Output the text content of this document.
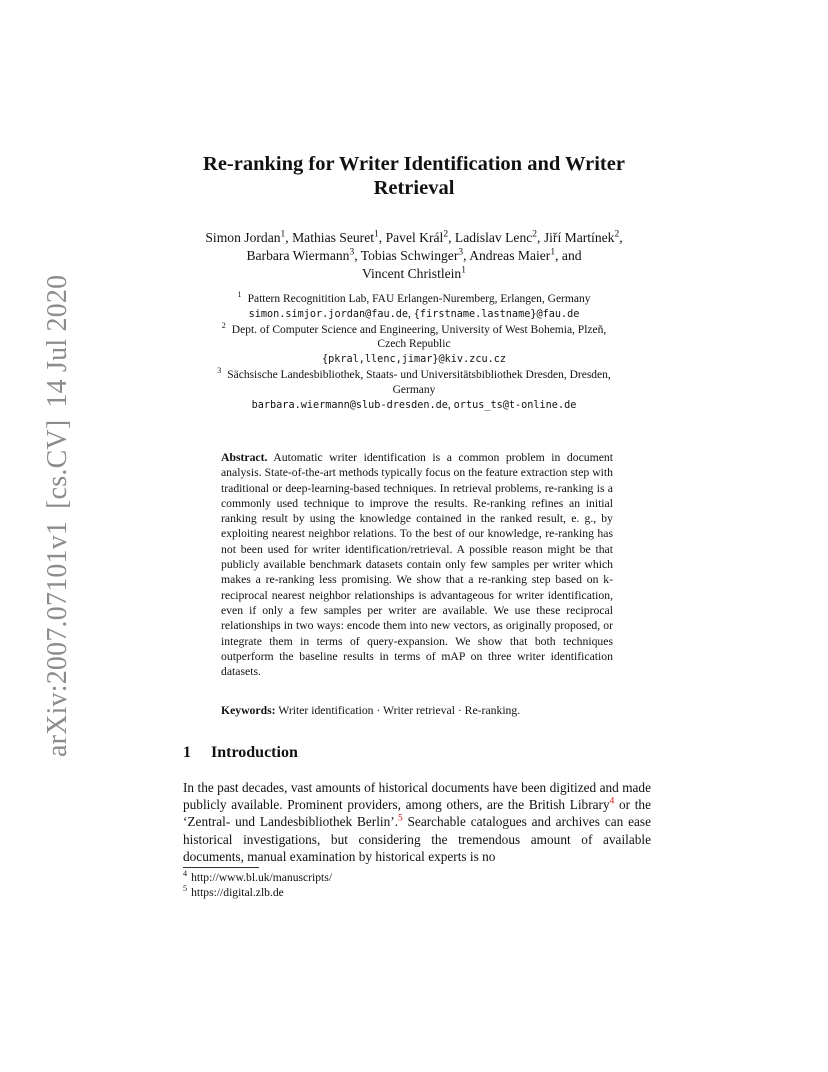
arXiv:2007.07101v1[cs.CV]14 Jul 2020
Re-ranking for Writer Identification and Writer
Retrieval
Simon Jordan$^1$, Mathias Seuret$^1$, Pavel Král$^2$, Ladislav Lenc$^2$, Jiří Martínek$^2$,
Barbara Wiermann$^3$, Tobias Schwinger$^3$, Andreas Maier$^1$, and
Vincent Christlein$^1$
$^1$ Pattern Recognitition Lab, FAU Erlangen-Nuremberg, Erlangen, Germany
simon.simjor.jordan@fau.de, {firstname.lastname}@fau.de
$^2$ Dept. of Computer Science and Engineering, University of West Bohemia, Plzeň,
Czech Republic
{pkral,llenc,jimar}@kiv.zcu.cz
$^3$ Sächsische Landesbibliothek, Staats- und Universitätsbibliothek Dresden, Dresden,
Germany
barbara.wiermann@slub-dresden.de, ortus_ts@t-online.de
Abstract. Automatic writer identification is a common problem in document analysis. State-of-the-art methods typically focus on the feature extraction step with traditional or deep-learning-based techniques. In retrieval problems, re-ranking is a commonly used technique to improve the results. Re-ranking refines an initial ranking result by using the knowledge contained in the ranked result, e. g., by exploiting nearest neighbor relations. To the best of our knowledge, re-ranking has not been used for writer identification/retrieval. A possible reason might be that publicly available benchmark datasets contain only few samples per writer which makes a re-ranking less promising. We show that a re-ranking step based on k-reciprocal nearest neighbor relationships is advantageous for writer identification, even if only a few samples per writer are available. We use these reciprocal relationships in two ways: encode them into new vectors, as originally proposed, or integrate them in terms of query-expansion. We show that both techniques outperform the baseline results in terms of mAP on three writer identification datasets.
Keywords: Writer identification · Writer retrieval · Re-ranking.
1 Introduction
In the past decades, vast amounts of historical documents have been digitized and made publicly available. Prominent providers, among others, are the British Library$^4$ or the ‘Zentral- und Landesbibliothek Berlin’.$^5$ Searchable catalogues and archives can ease historical investigations, but considering the tremendous amount of available documents, manual examination by historical experts is no
$^4$ http://www.bl.uk/manuscripts/
$^5$ https://digital.zlb.de
